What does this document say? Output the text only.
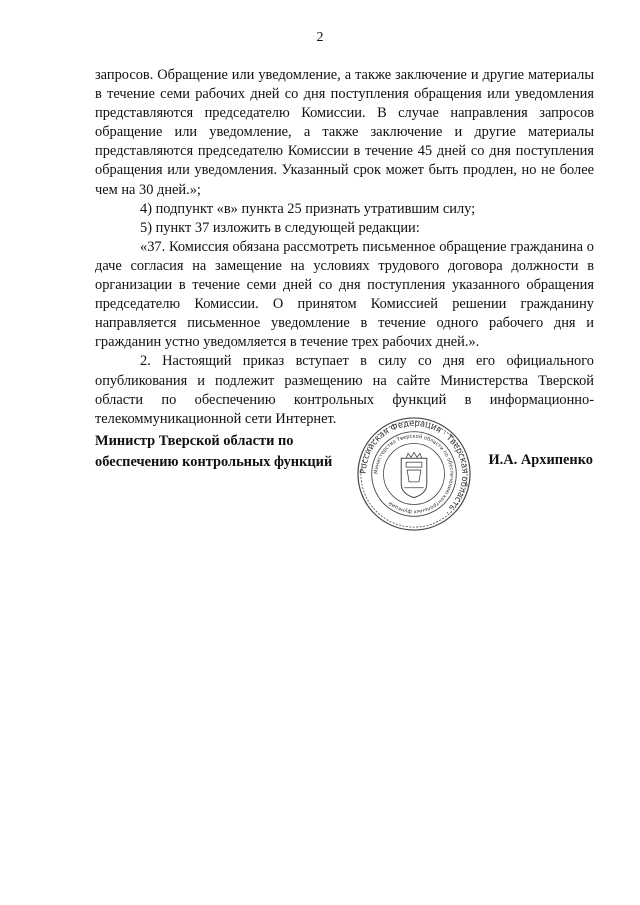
2

запросов. Обращение или уведомление, а также заключение и другие материалы в течение семи рабочих дней со дня поступления обращения или уведомления представляются председателю Комиссии. В случае направления запросов обращение или уведомление, а также заключение и другие материалы представляются председателю Комиссии в течение 45 дней со дня поступления обращения или уведомления. Указанный срок может быть продлен, но не более чем на 30 дней.»;

4) подпункт «в» пункта 25 признать утратившим силу;

5) пункт 37 изложить в следующей редакции:

«37. Комиссия обязана рассмотреть письменное обращение гражданина о даче согласия на замещение на условиях трудового договора должности в организации в течение семи дней со дня поступления указанного обращения председателю Комиссии. О принятом Комиссией решении гражданину направляется письменное уведомление в течение одного рабочего дня и гражданин устно уведомляется в течение трех рабочих дней.».

2. Настоящий приказ вступает в силу со дня его официального опубликования и подлежит размещению на сайте Министерства Тверской области по обеспечению контрольных функций в информационно-телекоммуникационной сети Интернет.

Министр Тверской области по
обеспечению контрольных функций
Российская Федерация · Тверская область ·
Министерство Тверской области по обеспечению контрольных функций
И.А. Архипенко
